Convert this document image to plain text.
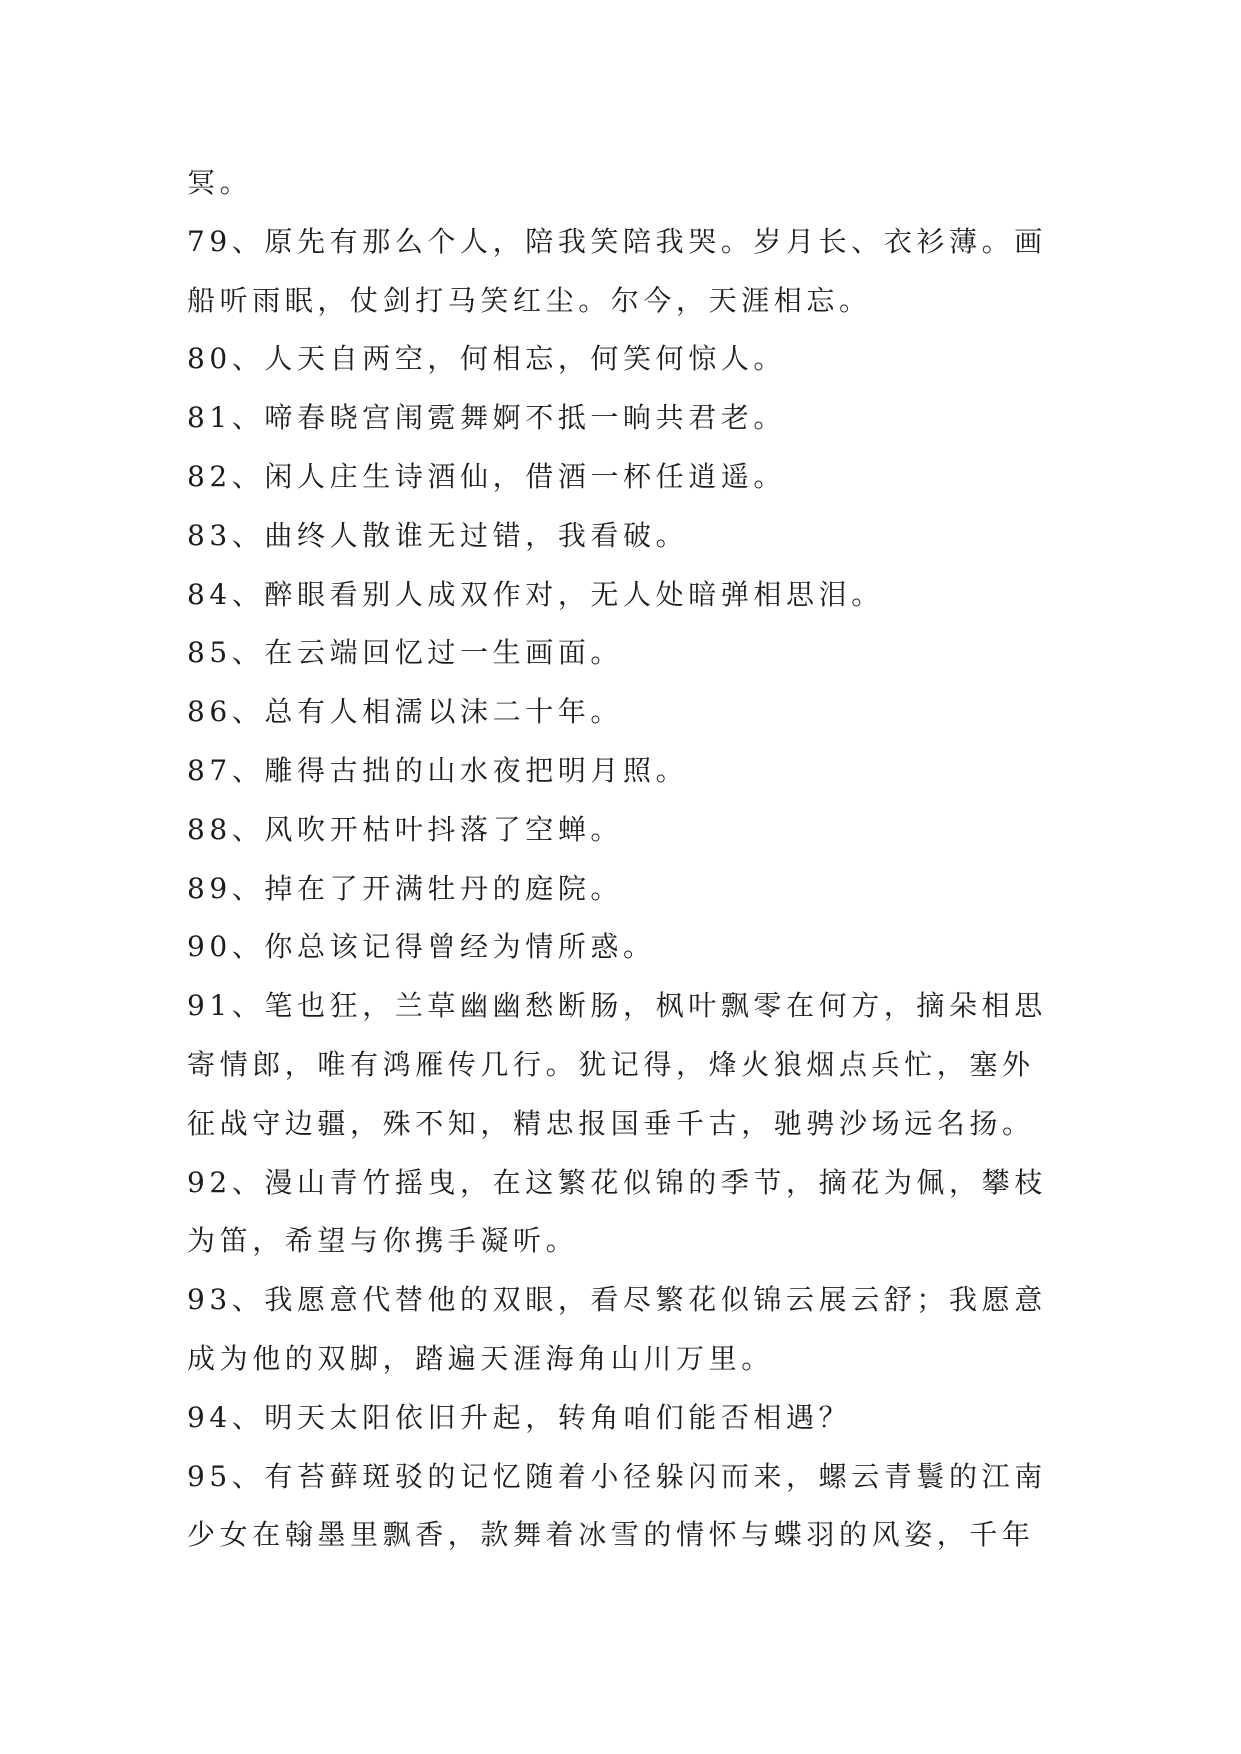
冥。
79、原先有那么个人，陪我笑陪我哭。岁月长、衣衫薄。画
船听雨眠，仗剑打马笑红尘。尔今，天涯相忘。
80、人天自两空，何相忘，何笑何惊人。
81、啼春晓宫闱霓舞婀不抵一晌共君老。
82、闲人庄生诗酒仙，借酒一杯任逍遥。
83、曲终人散谁无过错，我看破。
84、醉眼看别人成双作对，无人处暗弹相思泪。
85、在云端回忆过一生画面。
86、总有人相濡以沫二十年。
87、雕得古拙的山水夜把明月照。
88、风吹开枯叶抖落了空蝉。
89、掉在了开满牡丹的庭院。
90、你总该记得曾经为情所惑。
91、笔也狂，兰草幽幽愁断肠，枫叶飘零在何方，摘朵相思
寄情郎，唯有鸿雁传几行。犹记得，烽火狼烟点兵忙，塞外
征战守边疆，殊不知，精忠报国垂千古，驰骋沙场远名扬。
92、漫山青竹摇曳，在这繁花似锦的季节，摘花为佩，攀枝
为笛，希望与你携手凝听。
93、我愿意代替他的双眼，看尽繁花似锦云展云舒；我愿意
成为他的双脚，踏遍天涯海角山川万里。
94、明天太阳依旧升起，转角咱们能否相遇？
95、有苔藓斑驳的记忆随着小径躲闪而来，螺云青鬟的江南
少女在翰墨里飘香，款舞着冰雪的情怀与蝶羽的风姿，千年
